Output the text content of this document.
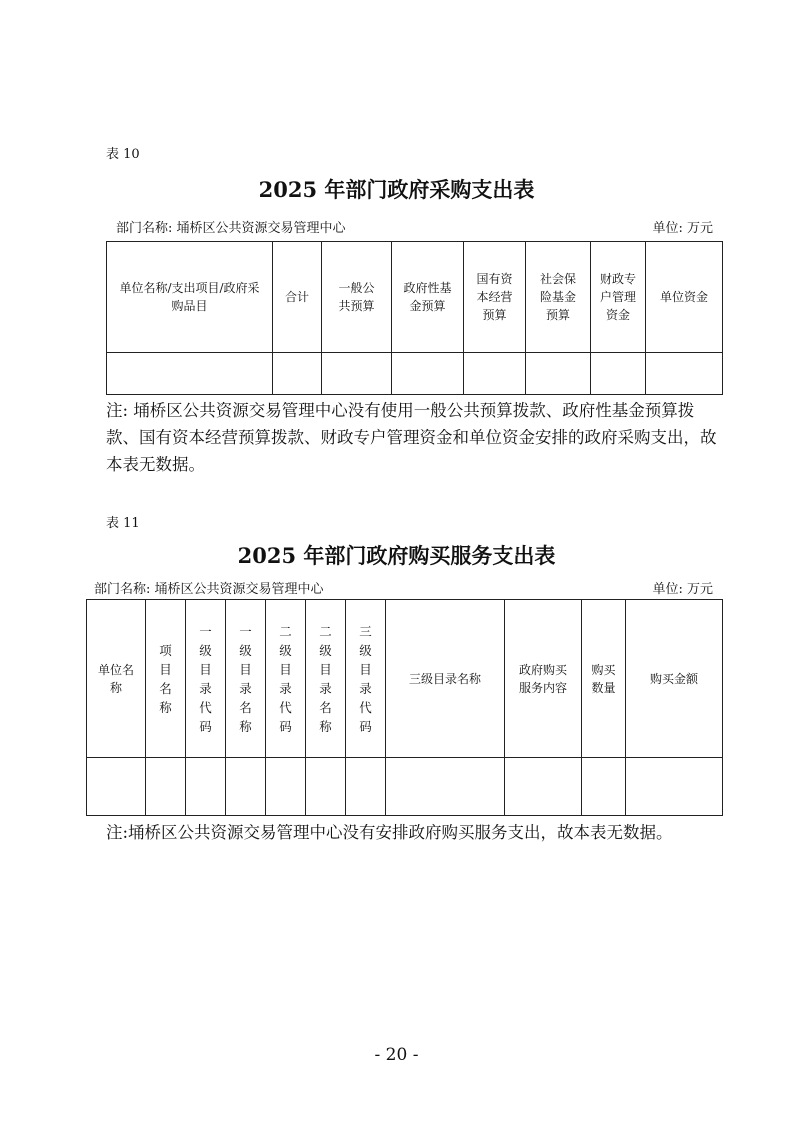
表 10
2025 年部门政府采购支出表
部门名称: 埇桥区公共资源交易管理中心	单位: 万元
单位名称/支出项目/政府采购品目	合计	一般公共预算	政府性基金预算	国有资本经营预算	社会保险基金预算	财政专户管理资金	单位资金

注: 埇桥区公共资源交易管理中心没有使用一般公共预算拨款、政府性基金预算拨款、国有资本经营预算拨款、财政专户管理资金和单位资金安排的政府采购支出，故本表无数据。
表 11
2025 年部门政府购买服务支出表
部门名称: 埇桥区公共资源交易管理中心	单位: 万元
单位名称	项目名称	一级目录代码	一级目录名称	二级目录代码	二级目录名称	三级目录代码	三级目录名称	政府购买服务内容	购买数量	购买金额

注:埇桥区公共资源交易管理中心没有安排政府购买服务支出，故本表无数据。
- 20 -
